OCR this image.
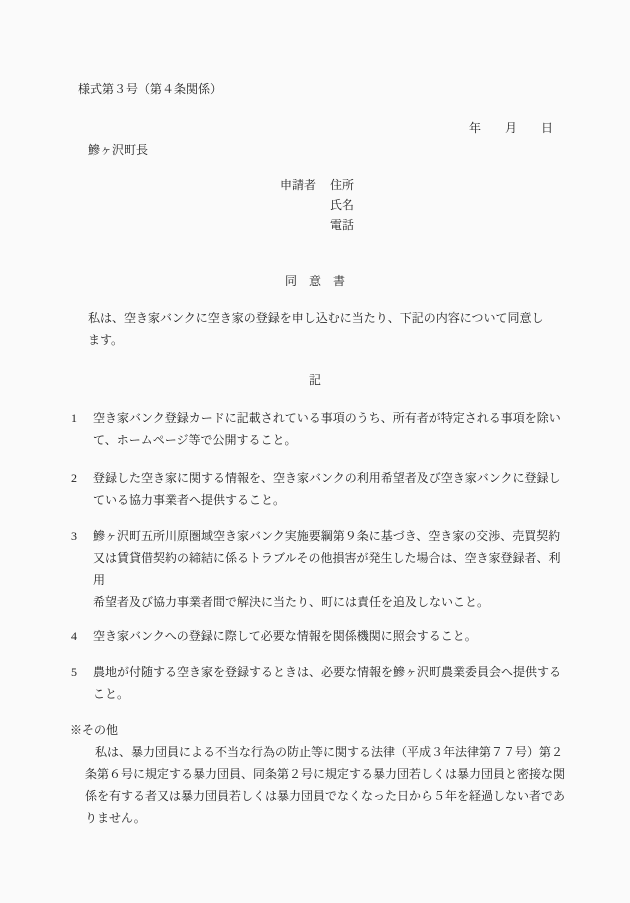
様式第３号（第４条関係）
年　　月　　日
鰺ヶ沢町長
申請者 住所
氏名
電話
同　意　書
私は、空き家バンクに空き家の登録を申し込むに当たり、下記の内容について同意します。
記
1 空き家バンク登録カードに記載されている事項のうち、所有者が特定される事項を除い
て、ホームページ等で公開すること。
2 登録した空き家に関する情報を、空き家バンクの利用希望者及び空き家バンクに登録し
ている協力事業者へ提供すること。
3 鰺ヶ沢町五所川原圏域空き家バンク実施要綱第９条に基づき、空き家の交渉、売買契約
又は賃貸借契約の締結に係るトラブルその他損害が発生した場合は、空き家登録者、利用
希望者及び協力事業者間で解決に当たり、町には責任を追及しないこと。
4 空き家バンクへの登録に際して必要な情報を関係機関に照会すること。
5 農地が付随する空き家を登録するときは、必要な情報を鰺ヶ沢町農業委員会へ提供する
こと。
※その他
私は、暴力団員による不当な行為の防止等に関する法律（平成３年法律第７７号）第２
条第６号に規定する暴力団員、同条第２号に規定する暴力団若しくは暴力団員と密接な関
係を有する者又は暴力団員若しくは暴力団員でなくなった日から５年を経過しない者であ
りません。
